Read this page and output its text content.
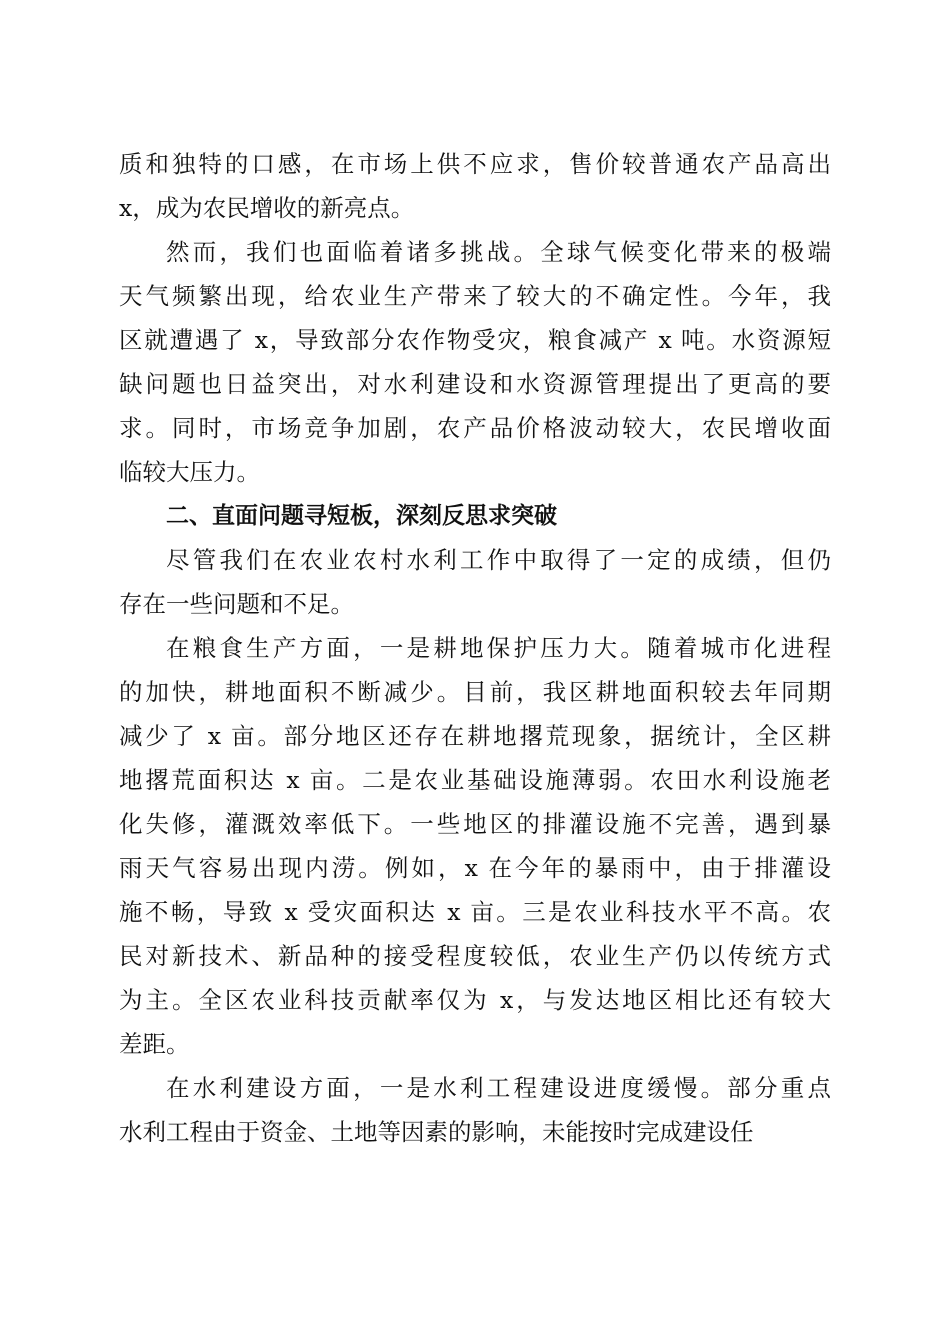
质和独特的口感，在市场上供不应求，售价较普通农产品高出
x，成为农民增收的新亮点。
然而，我们也面临着诸多挑战。全球气候变化带来的极端
天气频繁出现，给农业生产带来了较大的不确定性。今年，我
区就遭遇了 x，导致部分农作物受灾，粮食减产 x 吨。水资源短
缺问题也日益突出，对水利建设和水资源管理提出了更高的要
求。同时，市场竞争加剧，农产品价格波动较大，农民增收面
临较大压力。
二、直面问题寻短板，深刻反思求突破
尽管我们在农业农村水利工作中取得了一定的成绩，但仍
存在一些问题和不足。
在粮食生产方面，一是耕地保护压力大。随着城市化进程
的加快，耕地面积不断减少。目前，我区耕地面积较去年同期
减少了 x 亩。部分地区还存在耕地撂荒现象，据统计，全区耕
地撂荒面积达 x 亩。二是农业基础设施薄弱。农田水利设施老
化失修，灌溉效率低下。一些地区的排灌设施不完善，遇到暴
雨天气容易出现内涝。例如，x 在今年的暴雨中，由于排灌设
施不畅，导致 x 受灾面积达 x 亩。三是农业科技水平不高。农
民对新技术、新品种的接受程度较低，农业生产仍以传统方式
为主。全区农业科技贡献率仅为 x，与发达地区相比还有较大
差距。
在水利建设方面，一是水利工程建设进度缓慢。部分重点
水利工程由于资金、土地等因素的影响，未能按时完成建设任
